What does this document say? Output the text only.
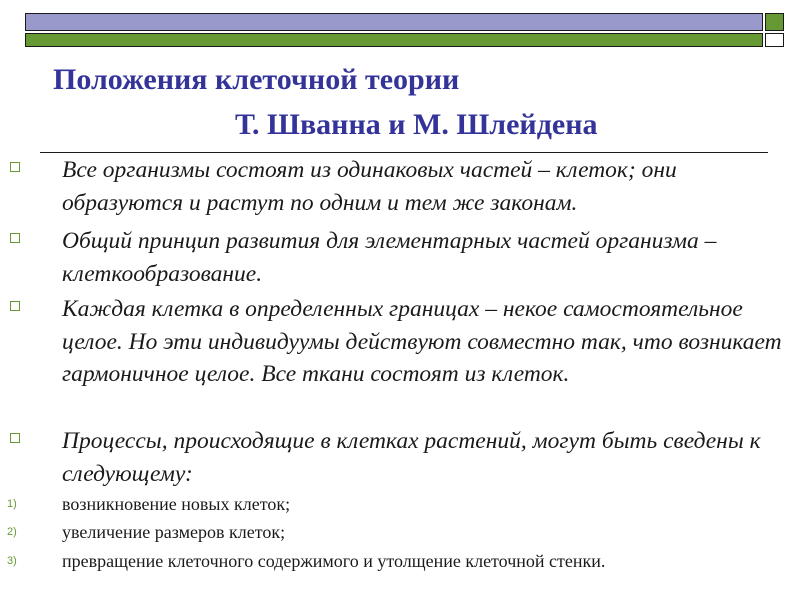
Положения клеточной теории
Т. Шванна и М. Шлейдена
Все организмы состоят из одинаковых частей – клеток; они образуются и растут по одним и тем же законам.
Общий принцип развития для элементарных частей организма – клеткообразование.
Каждая клетка в определенных границах – некое самостоятельное целое. Но эти индивидуумы действуют совместно так, что возникает гармоничное целое. Все ткани состоят из клеток.
Процессы, происходящие в клетках растений, могут быть сведены к следующему:
1)	возникновение новых клеток;
2)	увеличение размеров клеток;
3)	превращение клеточного содержимого и утолщение клеточной стенки.
